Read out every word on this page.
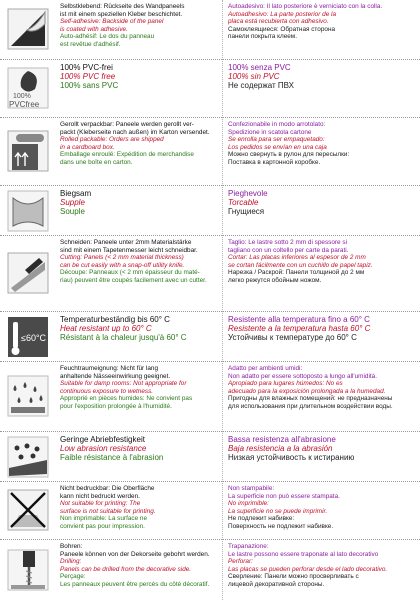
Selbstklebend: Rückseite des Wandpaneels
ist mit einem speziellen Kleber beschichtet.
Self-adhesive: Backside of the panel
is coated with adhesive.
Auto-adhésif: Le dos du panneau
est revêtue d'adhésif.
Autoadesivo: Il lato posteriore è verniciato con la colla.
Autoadhesivo: La parte posterior de la
placa está recubierta con adhesivo.
Самоклеящиеся: Обратная сторона
панели покрыта клеем.
100%
PVCfree
100% PVC-frei
100% PVC free
100% sans PVC
100% senza PVC
100% sin PVC
Не содержат ПВХ
Gerollt verpackbar: Paneele werden gerollt ver-
packt (Kleberseite nach außen) im Karton versendet.
Rolled packable: Orders are shipped
in a cardboard box.
Emballage enroulé: Expédition de merchandise
dans une boîte en carton.
Confezionabile in modo arrotolato:
Spedizione in scatola cartone
Se enrolla para ser empaquetado:
Los pedidos se envían en una caja
Можно свернуть в рулон для пересылки:
Поставка в картонной коробке.
Biegsam
Supple
Souple
Pieghevole
Torcable
Гнущиеся
Schneiden: Paneele unter 2mm Materialstärke
sind mit einem Tapetenmesser leicht schneidbar.
Cutting: Panels (< 2 mm material thickness)
can be cut easily with a snap-off utility knife.
Découpe: Panneaux (< 2 mm épaisseur du maté-
riau) peuvent être coupés facilement avec un cutter.
Taglio: Le lastre sotto 2 mm di spessore si
tagliano con un coltello per carte da parati.
Cortar: Las placas inferiores al espesor de 2 mm
se cortan fácilmente con un cuchillo de papel tapiz.
Нарезка / Раскрой: Панели толщиной до 2 мм
легко режутся обойным ножом.
≤60°C
Temperaturbeständig bis 60° C
Heat resistant up to 60° C
Résistant à la chaleur jusqu'à 60° C
Resistente alla temperatura fino a 60° C
Resistente a la temperatura hasta 60° C
Устойчивы к температуре до 60° C
Feuchtraumeignung: Nicht für lang
anhaltende Nässeeinwirkung geeignet.
Suitable for damp rooms: Not appropriate for
continuous exposure to wetness.
Approprié en pièces humides: Ne convient pas
pour l'exposition prolongée à l'humidité.
Adatto per ambienti umidi:
Non adatto per essere sottoposto a lungo all'umidità.
Apropiado para lugares húmedos: No es
adecuado para la exposición prolongada a la humedad.
Пригодны для влажных помещений: не предназначены
для использования при длительном воздействии воды.
Geringe Abriebfestigkeit
Low abrasion resistance
Faible résistance à l'abrasion
Bassa resistenza all'abrasione
Baja resistencia a la abrasión
Низкая устойчивость к истиранию
Nicht bedruckbar: Die Oberfläche
kann nicht bedruckt werden.
Not suitable for printing: The
surface is not suitable for printing.
Non imprimable: La surface ne
convient pas pour impression.
Non stampabile:
La superficie non può essere stampata.
No imprimible:
La superficie no se puede imprimir.
Не подлежит набивке:
Поверхность не подлежит набивке.
Bohren:
Paneele können von der Dekorseite gebohrt werden.
Drilling:
Panels can be drilled from the decorative side.
Perçage:
Les panneaux peuvent être percés du côté décoratif.
Trapanazione:
Le lastre possono essere traponate al lato decorativo
Perforar:
Las placas se pueden perforar desde el lado decorativo.
Сверление: Панели можно просверливать с
лицевой декоративной стороны.
